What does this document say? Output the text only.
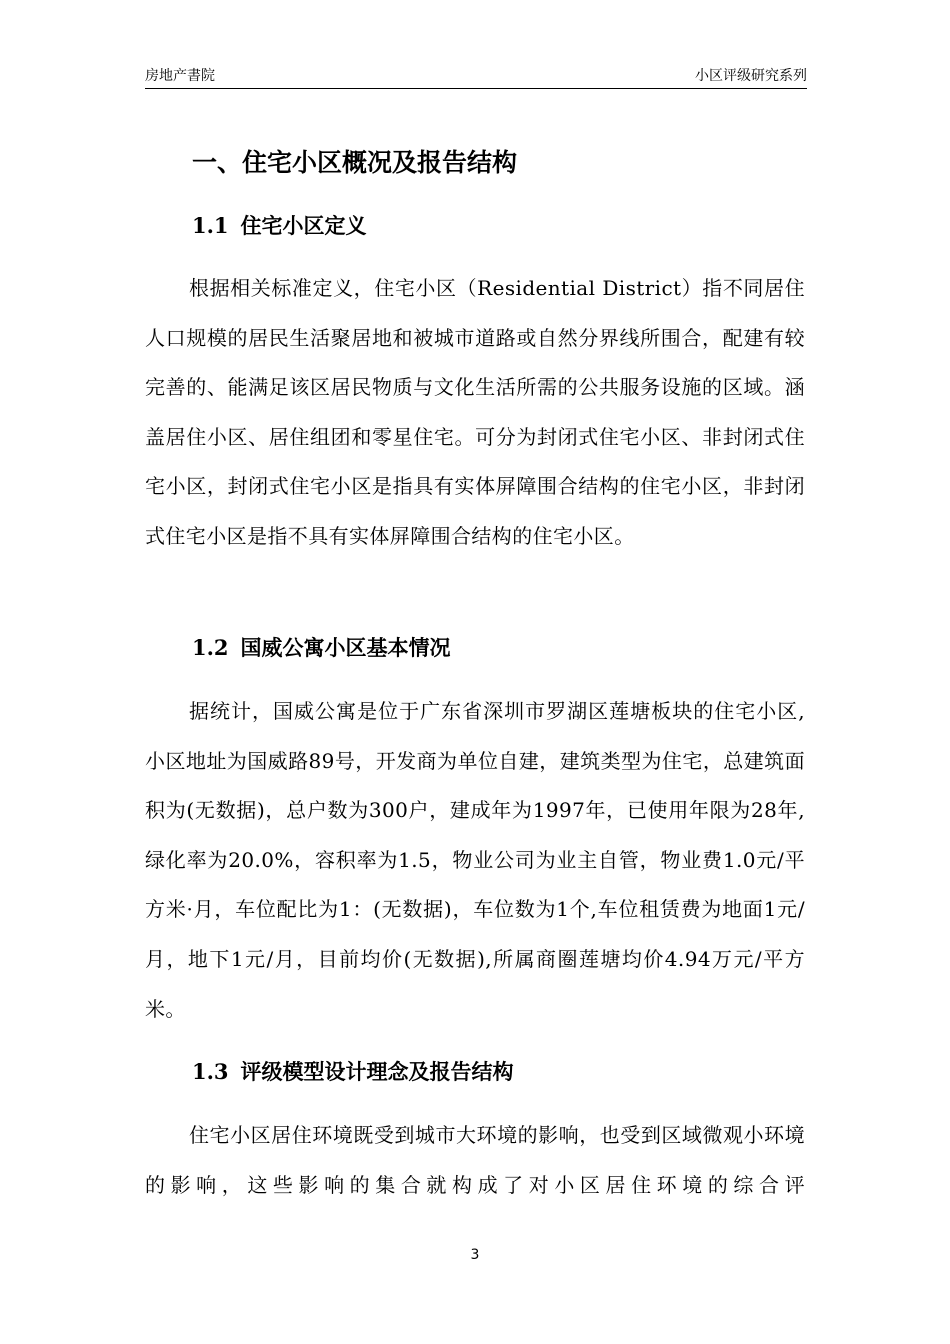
房地产書院	小区评级研究系列
一、住宅小区概况及报告结构
1.1 住宅小区定义

根据相关标准定义，住宅小区（Residential District）指不同居住人口规模的居民生活聚居地和被城市道路或自然分界线所围合，配建有较完善的、能满足该区居民物质与文化生活所需的公共服务设施的区域。涵盖居住小区、居住组团和零星住宅。可分为封闭式住宅小区、非封闭式住宅小区，封闭式住宅小区是指具有实体屏障围合结构的住宅小区，非封闭式住宅小区是指不具有实体屏障围合结构的住宅小区。

1.2 国威公寓小区基本情况

据统计，国威公寓是位于广东省深圳市罗湖区莲塘板块的住宅小区,小区地址为国威路89号，开发商为单位自建，建筑类型为住宅，总建筑面积为(无数据)，总户数为300户，建成年为1997年，已使用年限为28年,绿化率为20.0%，容积率为1.5，物业公司为业主自管，物业费1.0元/平方米·月，车位配比为1：(无数据)，车位数为1个,车位租赁费为地面1元/月，地下1元/月，目前均价(无数据),所属商圈莲塘均价4.94万元/平方米。

1.3 评级模型设计理念及报告结构

住宅小区居住环境既受到城市大环境的影响，也受到区域微观小环境的影响，这些影响的集合就构成了对小区居住环境的综合评

3
